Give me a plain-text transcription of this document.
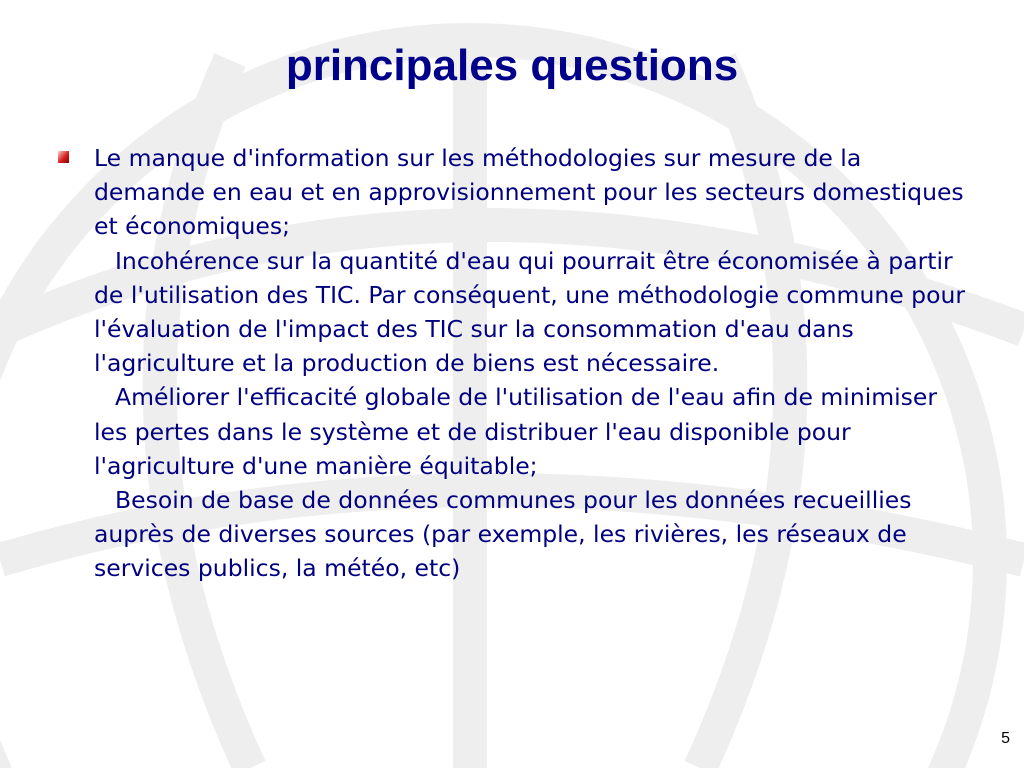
principales questions

Le manque d'information sur les méthodologies sur mesure de la demande en eau et en approvisionnement pour les secteurs domestiques et économiques;

Incohérence sur la quantité d'eau qui pourrait être économisée à partir de l'utilisation des TIC. Par conséquent, une méthodologie commune pour l'évaluation de l'impact des TIC sur la consommation d'eau dans l'agriculture et la production de biens est nécessaire.

Améliorer l'efficacité globale de l'utilisation de l'eau afin de minimiser les pertes dans le système et de distribuer l'eau disponible pour l'agriculture d'une manière équitable;

Besoin de base de données communes pour les données recueillies auprès de diverses sources (par exemple, les rivières, les réseaux de services publics, la météo, etc)

5
